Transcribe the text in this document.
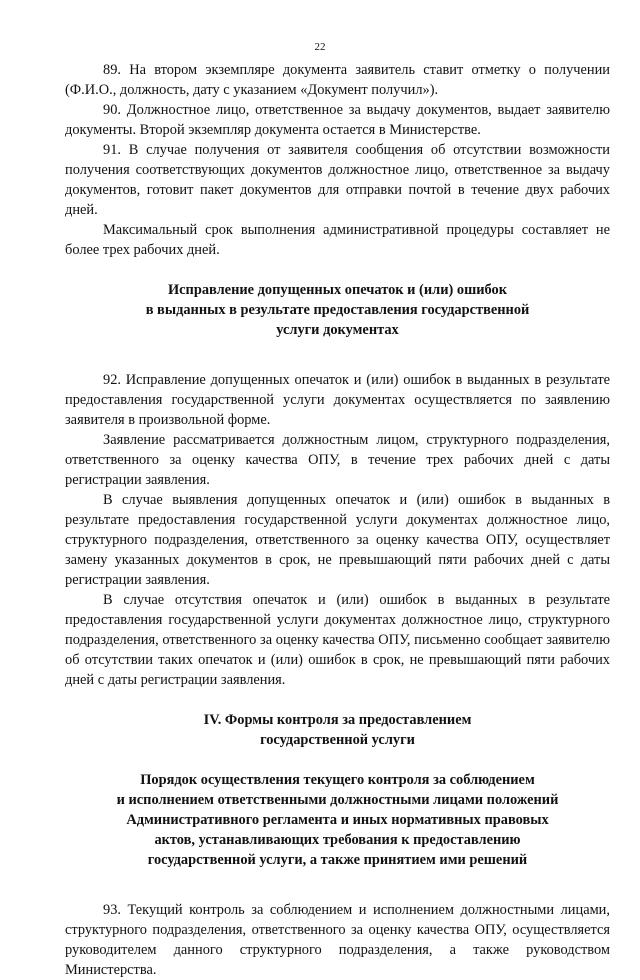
22

89. На втором экземпляре документа заявитель ставит отметку о получении (Ф.И.О., должность, дату с указанием «Документ получил»).

90. Должностное лицо, ответственное за выдачу документов, выдает заявителю документы. Второй экземпляр документа остается в Министерстве.

91. В случае получения от заявителя сообщения об отсутствии возможности получения соответствующих документов должностное лицо, ответственное за выдачу документов, готовит пакет документов для отправки почтой в течение двух рабочих дней.

Максимальный срок выполнения административной процедуры составляет не более трех рабочих дней.

Исправление допущенных опечаток и (или) ошибок
в выданных в результате предоставления государственной
услуги документах

92. Исправление допущенных опечаток и (или) ошибок в выданных в результате предоставления государственной услуги документах осуществляется по заявлению заявителя в произвольной форме.

Заявление рассматривается должностным лицом, структурного подразделения, ответственного за оценку качества ОПУ, в течение трех рабочих дней с даты регистрации заявления.

В случае выявления допущенных опечаток и (или) ошибок в выданных в результате предоставления государственной услуги документах должностное лицо, структурного подразделения, ответственного за оценку качества ОПУ, осуществляет замену указанных документов в срок, не превышающий пяти рабочих дней с даты регистрации заявления.

В случае отсутствия опечаток и (или) ошибок в выданных в результате предоставления государственной услуги документах должностное лицо, структурного подразделения, ответственного за оценку качества ОПУ, письменно сообщает заявителю об отсутствии таких опечаток и (или) ошибок в срок, не превышающий пяти рабочих дней с даты регистрации заявления.

IV. Формы контроля за предоставлением
государственной услуги
Порядок осуществления текущего контроля за соблюдением
и исполнением ответственными должностными лицами положений
Административного регламента и иных нормативных правовых
актов, устанавливающих требования к предоставлению
государственной услуги, а также принятием ими решений

93. Текущий контроль за соблюдением и исполнением должностными лицами, структурного подразделения, ответственного за оценку качества ОПУ, осуществляется руководителем данного структурного подразделения, а также руководством Министерства.
